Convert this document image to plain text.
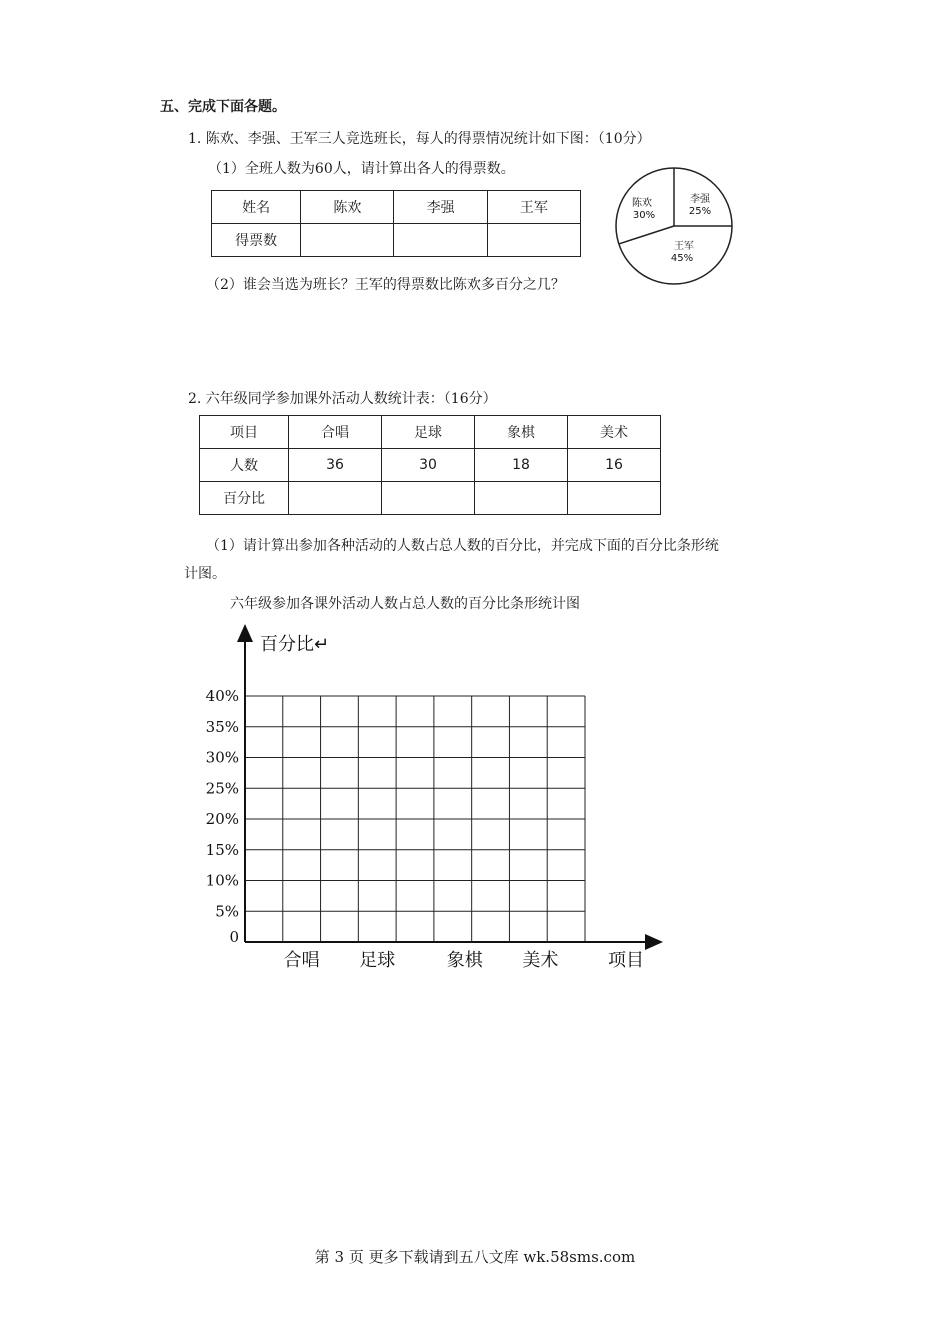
五、完成下面各题。
1. 陈欢、李强、王军三人竞选班长，每人的得票情况统计如下图：（10分）
（1）全班人数为60人，请计算出各人的得票数。
姓名	陈欢	李强	王军
得票数			
陈欢
30%
李强
25%
王军
45%
（2）谁会当选为班长？王军的得票数比陈欢多百分之几？
2. 六年级同学参加课外活动人数统计表：（16分）
项目	合唱	足球	象棋	美术
人数	36	30	18	16
百分比				
（1）请计算出参加各种活动的人数占总人数的百分比，并完成下面的百分比条形统
计图。
六年级参加各课外活动人数占总人数的百分比条形统计图
百分比↵
项目
0
5%
10%
15%
20%
25%
30%
35%
40%
合唱 足球	象棋 美术
第 3 页 更多下载请到五八文库 wk.58sms.com
